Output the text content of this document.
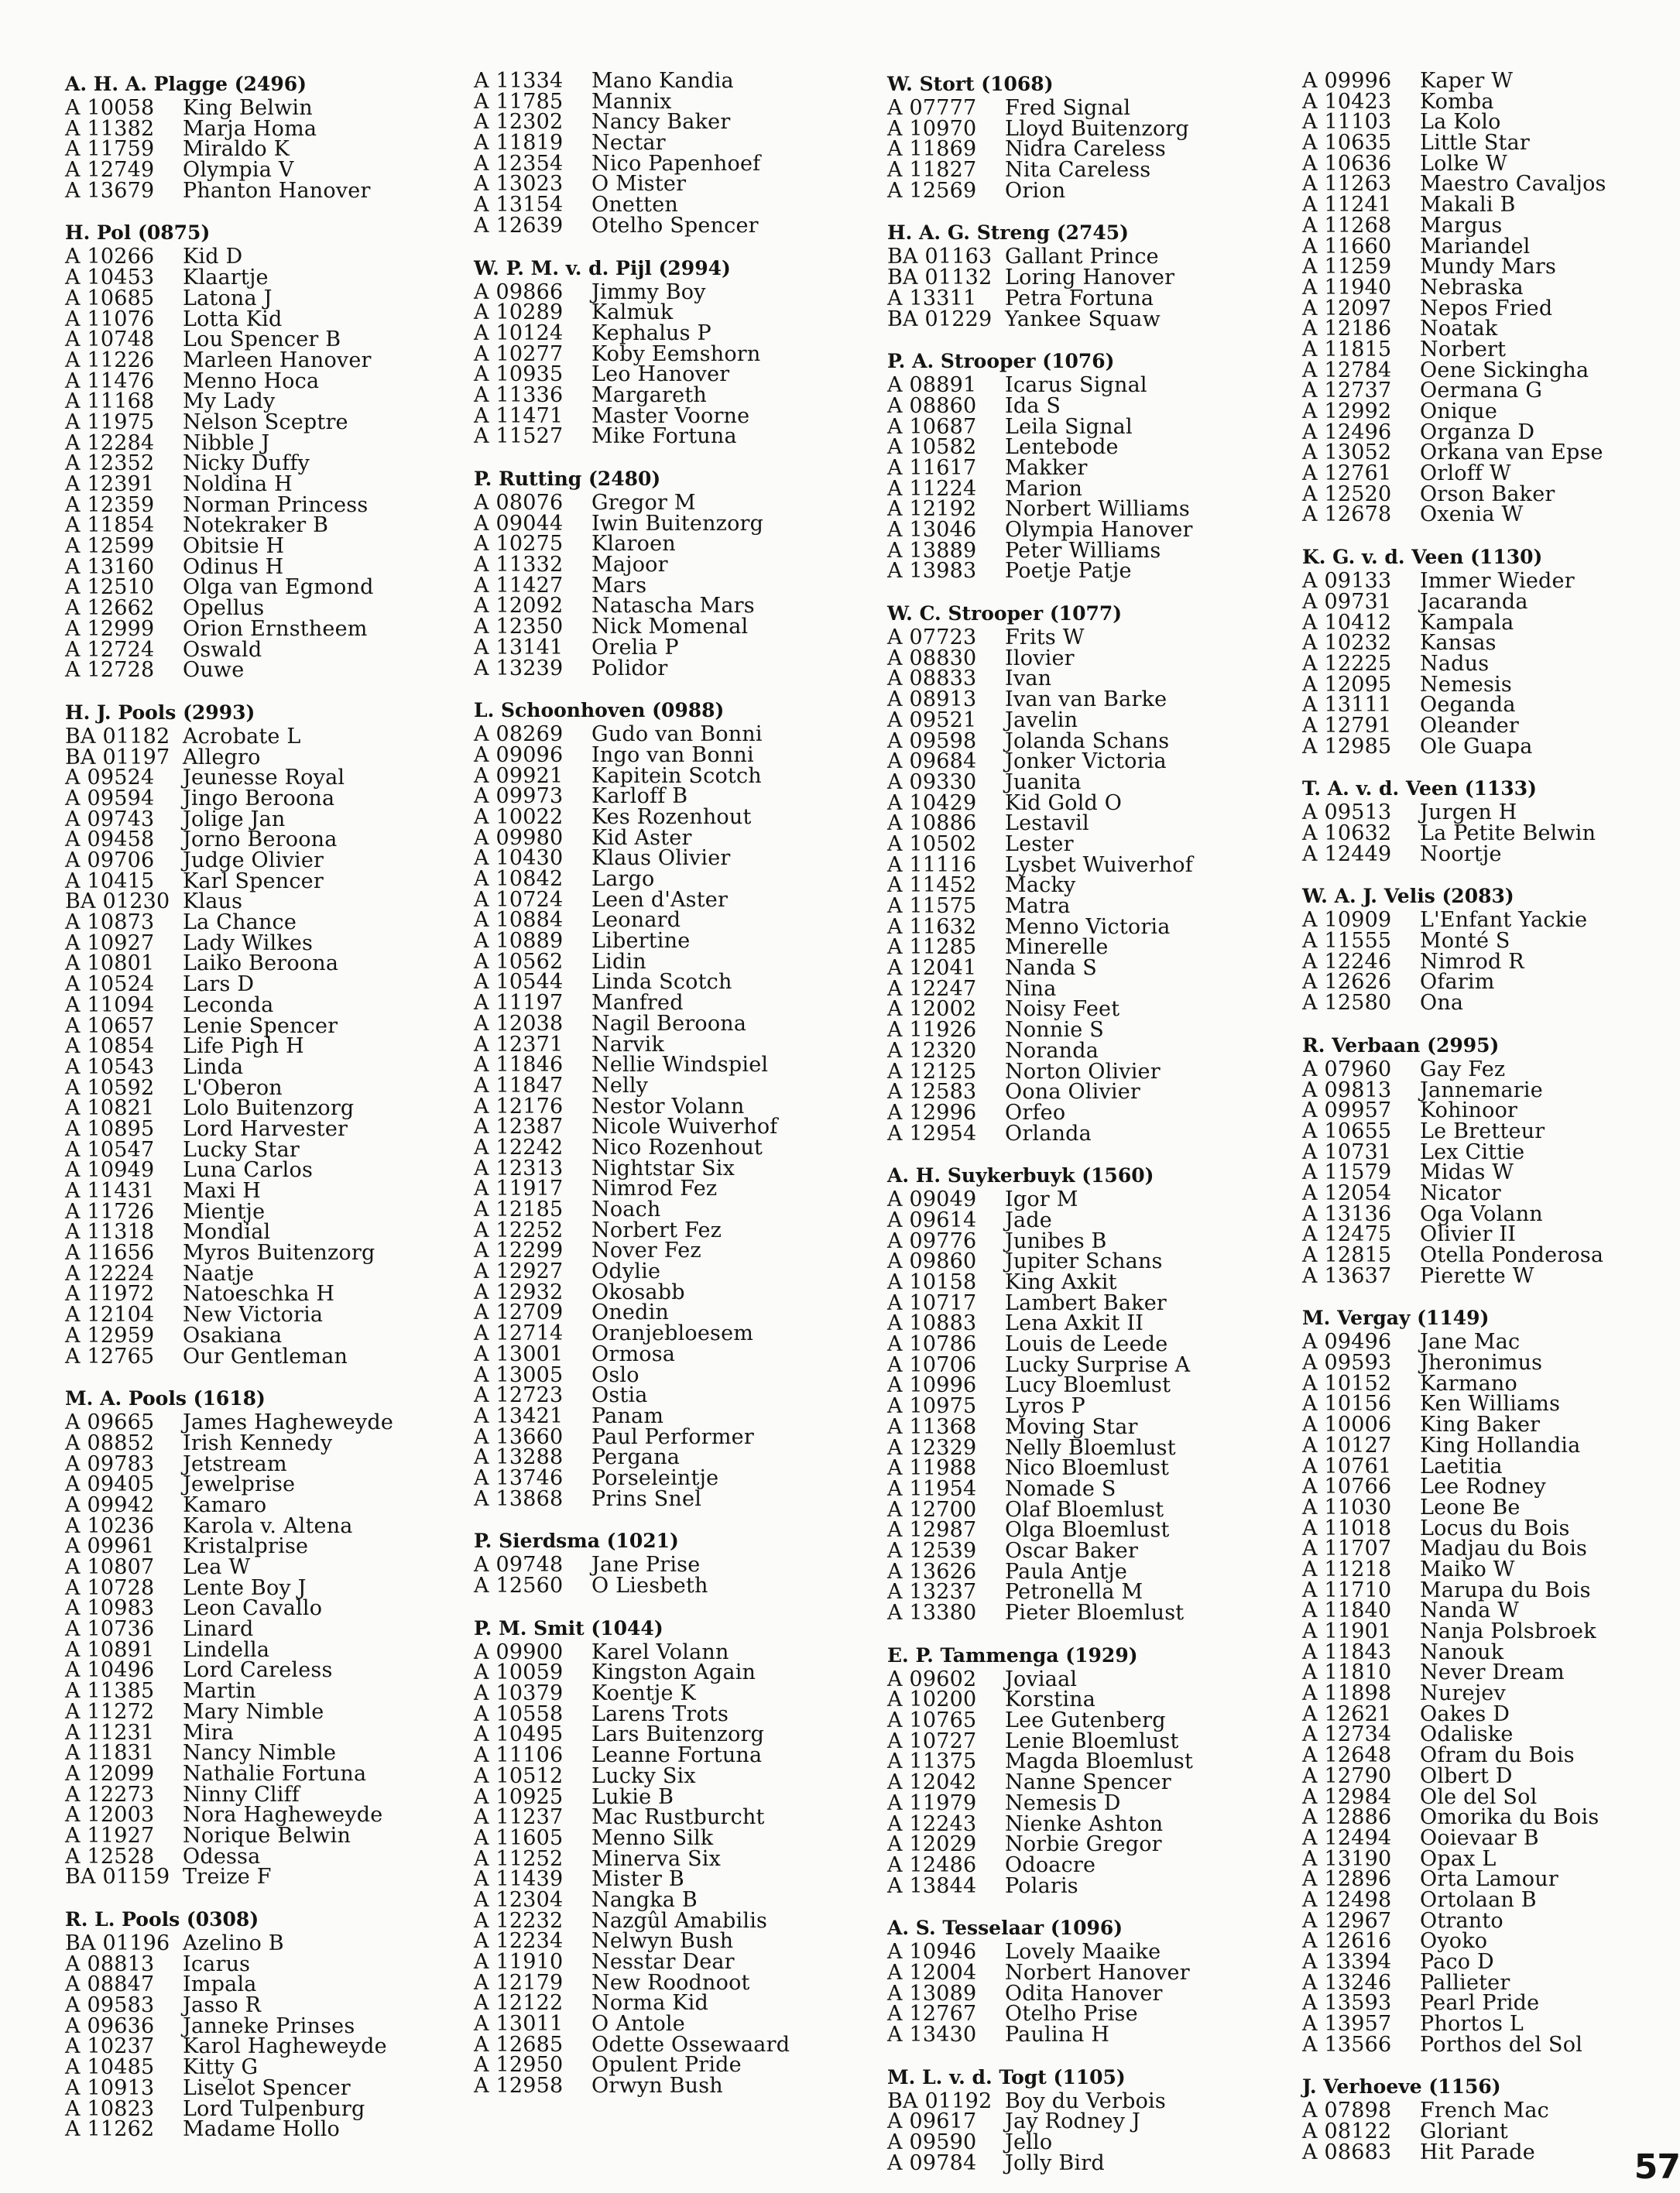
A. H. A. Plagge (2496)
A 10058	King Belwin
A 11382	Marja Homa
A 11759	Miraldo K
A 12749	Olympia V
A 13679	Phanton Hanover
H. Pol (0875)
A 10266	Kid D
A 10453	Klaartje
A 10685	Latona J
A 11076	Lotta Kid
A 10748	Lou Spencer B
A 11226	Marleen Hanover
A 11476	Menno Hoca
A 11168	My Lady
A 11975	Nelson Sceptre
A 12284	Nibble J
A 12352	Nicky Duffy
A 12391	Noldina H
A 12359	Norman Princess
A 11854	Notekraker B
A 12599	Obitsie H
A 13160	Odinus H
A 12510	Olga van Egmond
A 12662	Opellus
A 12999	Orion Ernstheem
A 12724	Oswald
A 12728	Ouwe
H. J. Pools (2993)
BA 01182 Acrobate L
BA 01197 Allegro
A 09524	Jeunesse Royal
A 09594	Jingo Beroona
A 09743	Jolige Jan
A 09458	Jorno Beroona
A 09706	Judge Olivier
A 10415	Karl Spencer
BA 01230 Klaus
A 10873	La Chance
A 10927	Lady Wilkes
A 10801	Laiko Beroona
A 10524	Lars D
A 11094	Leconda
A 10657	Lenie Spencer
A 10854	Life Pigh H
A 10543	Linda
A 10592	L'Oberon
A 10821	Lolo Buitenzorg
A 10895	Lord Harvester
A 10547	Lucky Star
A 10949	Luna Carlos
A 11431	Maxi H
A 11726	Mientje
A 11318	Mondial
A 11656	Myros Buitenzorg
A 12224	Naatje
A 11972	Natoeschka H
A 12104	New Victoria
A 12959	Osakiana
A 12765	Our Gentleman
M. A. Pools (1618)
A 09665	James Hagheweyde
A 08852	Irish Kennedy
A 09783	Jetstream
A 09405	Jewelprise
A 09942	Kamaro
A 10236	Karola v. Altena
A 09961	Kristalprise
A 10807	Lea W
A 10728	Lente Boy J
A 10983	Leon Cavallo
A 10736	Linard
A 10891	Lindella
A 10496	Lord Careless
A 11385	Martin
A 11272	Mary Nimble
A 11231	Mira
A 11831	Nancy Nimble
A 12099	Nathalie Fortuna
A 12273	Ninny Cliff
A 12003	Nora Hagheweyde
A 11927	Norique Belwin
A 12528	Odessa
BA 01159 Treize F
R. L. Pools (0308)
BA 01196 Azelino B
A 08813	Icarus
A 08847	Impala
A 09583	Jasso R
A 09636	Janneke Prinses
A 10237	Karol Hagheweyde
A 10485	Kitty G
A 10913	Liselot Spencer
A 10823	Lord Tulpenburg
A 11262	Madame Hollo
A 11334	Mano Kandia
A 11785	Mannix
A 12302	Nancy Baker
A 11819	Nectar
A 12354	Nico Papenhoef
A 13023	O Mister
A 13154	Onetten
A 12639	Otelho Spencer
W. P. M. v. d. Pijl (2994)
A 09866	Jimmy Boy
A 10289	Kalmuk
A 10124	Kephalus P
A 10277	Koby Eemshorn
A 10935	Leo Hanover
A 11336	Margareth
A 11471	Master Voorne
A 11527	Mike Fortuna
P. Rutting (2480)
A 08076	Gregor M
A 09044	Iwin Buitenzorg
A 10275	Klaroen
A 11332	Majoor
A 11427	Mars
A 12092	Natascha Mars
A 12350	Nick Momenal
A 13141	Orelia P
A 13239	Polidor
L. Schoonhoven (0988)
A 08269	Gudo van Bonni
A 09096	Ingo van Bonni
A 09921	Kapitein Scotch
A 09973	Karloff B
A 10022	Kes Rozenhout
A 09980	Kid Aster
A 10430	Klaus Olivier
A 10842	Largo
A 10724	Leen d'Aster
A 10884	Leonard
A 10889	Libertine
A 10562	Lidin
A 10544	Linda Scotch
A 11197	Manfred
A 12038	Nagil Beroona
A 12371	Narvik
A 11846	Nellie Windspiel
A 11847	Nelly
A 12176	Nestor Volann
A 12387	Nicole Wuiverhof
A 12242	Nico Rozenhout
A 12313	Nightstar Six
A 11917	Nimrod Fez
A 12185	Noach
A 12252	Norbert Fez
A 12299	Nover Fez
A 12927	Odylie
A 12932	Okosabb
A 12709	Onedin
A 12714	Oranjebloesem
A 13001	Ormosa
A 13005	Oslo
A 12723	Ostia
A 13421	Panam
A 13660	Paul Performer
A 13288	Pergana
A 13746	Porseleintje
A 13868	Prins Snel
P. Sierdsma (1021)
A 09748	Jane Prise
A 12560	O Liesbeth
P. M. Smit (1044)
A 09900	Karel Volann
A 10059	Kingston Again
A 10379	Koentje K
A 10558	Larens Trots
A 10495	Lars Buitenzorg
A 11106	Leanne Fortuna
A 10512	Lucky Six
A 10925	Lukie B
A 11237	Mac Rustburcht
A 11605	Menno Silk
A 11252	Minerva Six
A 11439	Mister B
A 12304	Nangka B
A 12232	Nazgûl Amabilis
A 12234	Nelwyn Bush
A 11910	Nesstar Dear
A 12179	New Roodnoot
A 12122	Norma Kid
A 13011	O Antole
A 12685	Odette Ossewaard
A 12950	Opulent Pride
A 12958	Orwyn Bush
W. Stort (1068)
A 07777	Fred Signal
A 10970	Lloyd Buitenzorg
A 11869	Nidra Careless
A 11827	Nita Careless
A 12569	Orion
H. A. G. Streng (2745)
BA 01163 Gallant Prince
BA 01132 Loring Hanover
A 13311	Petra Fortuna
BA 01229 Yankee Squaw
P. A. Strooper (1076)
A 08891	Icarus Signal
A 08860	Ida S
A 10687	Leila Signal
A 10582	Lentebode
A 11617	Makker
A 11224	Marion
A 12192	Norbert Williams
A 13046	Olympia Hanover
A 13889	Peter Williams
A 13983	Poetje Patje
W. C. Strooper (1077)
A 07723	Frits W
A 08830	Ilovier
A 08833	Ivan
A 08913	Ivan van Barke
A 09521	Javelin
A 09598	Jolanda Schans
A 09684	Jonker Victoria
A 09330	Juanita
A 10429	Kid Gold O
A 10886	Lestavil
A 10502	Lester
A 11116	Lysbet Wuiverhof
A 11452	Macky
A 11575	Matra
A 11632	Menno Victoria
A 11285	Minerelle
A 12041	Nanda S
A 12247	Nina
A 12002	Noisy Feet
A 11926	Nonnie S
A 12320	Noranda
A 12125	Norton Olivier
A 12583	Oona Olivier
A 12996	Orfeo
A 12954	Orlanda
A. H. Suykerbuyk (1560)
A 09049	Igor M
A 09614	Jade
A 09776	Junibes B
A 09860	Jupiter Schans
A 10158	King Axkit
A 10717	Lambert Baker
A 10883	Lena Axkit II
A 10786	Louis de Leede
A 10706	Lucky Surprise A
A 10996	Lucy Bloemlust
A 10975	Lyros P
A 11368	Moving Star
A 12329	Nelly Bloemlust
A 11988	Nico Bloemlust
A 11954	Nomade S
A 12700	Olaf Bloemlust
A 12987	Olga Bloemlust
A 12539	Oscar Baker
A 13626	Paula Antje
A 13237	Petronella M
A 13380	Pieter Bloemlust
E. P. Tammenga (1929)
A 09602	Joviaal
A 10200	Korstina
A 10765	Lee Gutenberg
A 10727	Lenie Bloemlust
A 11375	Magda Bloemlust
A 12042	Nanne Spencer
A 11979	Nemesis D
A 12243	Nienke Ashton
A 12029	Norbie Gregor
A 12486	Odoacre
A 13844	Polaris
A. S. Tesselaar (1096)
A 10946	Lovely Maaike
A 12004	Norbert Hanover
A 13089	Odita Hanover
A 12767	Otelho Prise
A 13430	Paulina H
M. L. v. d. Togt (1105)
BA 01192 Boy du Verbois
A 09617	Jay Rodney J
A 09590	Jello
A 09784	Jolly Bird
A 09996	Kaper W
A 10423	Komba
A 11103	La Kolo
A 10635	Little Star
A 10636	Lolke W
A 11263	Maestro Cavaljos
A 11241	Makali B
A 11268	Margus
A 11660	Mariandel
A 11259	Mundy Mars
A 11940	Nebraska
A 12097	Nepos Fried
A 12186	Noatak
A 11815	Norbert
A 12784	Oene Sickingha
A 12737	Oermana G
A 12992	Onique
A 12496	Organza D
A 13052	Orkana van Epse
A 12761	Orloff W
A 12520	Orson Baker
A 12678	Oxenia W
K. G. v. d. Veen (1130)
A 09133	Immer Wieder
A 09731	Jacaranda
A 10412	Kampala
A 10232	Kansas
A 12225	Nadus
A 12095	Nemesis
A 13111	Oeganda
A 12791	Oleander
A 12985	Ole Guapa
T. A. v. d. Veen (1133)
A 09513	Jurgen H
A 10632	La Petite Belwin
A 12449	Noortje
W. A. J. Velis (2083)
A 10909	L'Enfant Yackie
A 11555	Monté S
A 12246	Nimrod R
A 12626	Ofarim
A 12580	Ona
R. Verbaan (2995)
A 07960	Gay Fez
A 09813	Jannemarie
A 09957	Kohinoor
A 10655	Le Bretteur
A 10731	Lex Cittie
A 11579	Midas W
A 12054	Nicator
A 13136	Oga Volann
A 12475	Olivier II
A 12815	Otella Ponderosa
A 13637	Pierette W
M. Vergay (1149)
A 09496	Jane Mac
A 09593	Jheronimus
A 10152	Karmano
A 10156	Ken Williams
A 10006	King Baker
A 10127	King Hollandia
A 10761	Laetitia
A 10766	Lee Rodney
A 11030	Leone Be
A 11018	Locus du Bois
A 11707	Madjau du Bois
A 11218	Maiko W
A 11710	Marupa du Bois
A 11840	Nanda W
A 11901	Nanja Polsbroek
A 11843	Nanouk
A 11810	Never Dream
A 11898	Nurejev
A 12621	Oakes D
A 12734	Odaliske
A 12648	Ofram du Bois
A 12790	Olbert D
A 12984	Ole del Sol
A 12886	Omorika du Bois
A 12494	Ooievaar B
A 13190	Opax L
A 12896	Orta Lamour
A 12498	Ortolaan B
A 12967	Otranto
A 12616	Oyoko
A 13394	Paco D
A 13246	Pallieter
A 13593	Pearl Pride
A 13957	Phortos L
A 13566	Porthos del Sol
J. Verhoeve (1156)
A 07898	French Mac
A 08122	Gloriant
A 08683	Hit Parade	57
